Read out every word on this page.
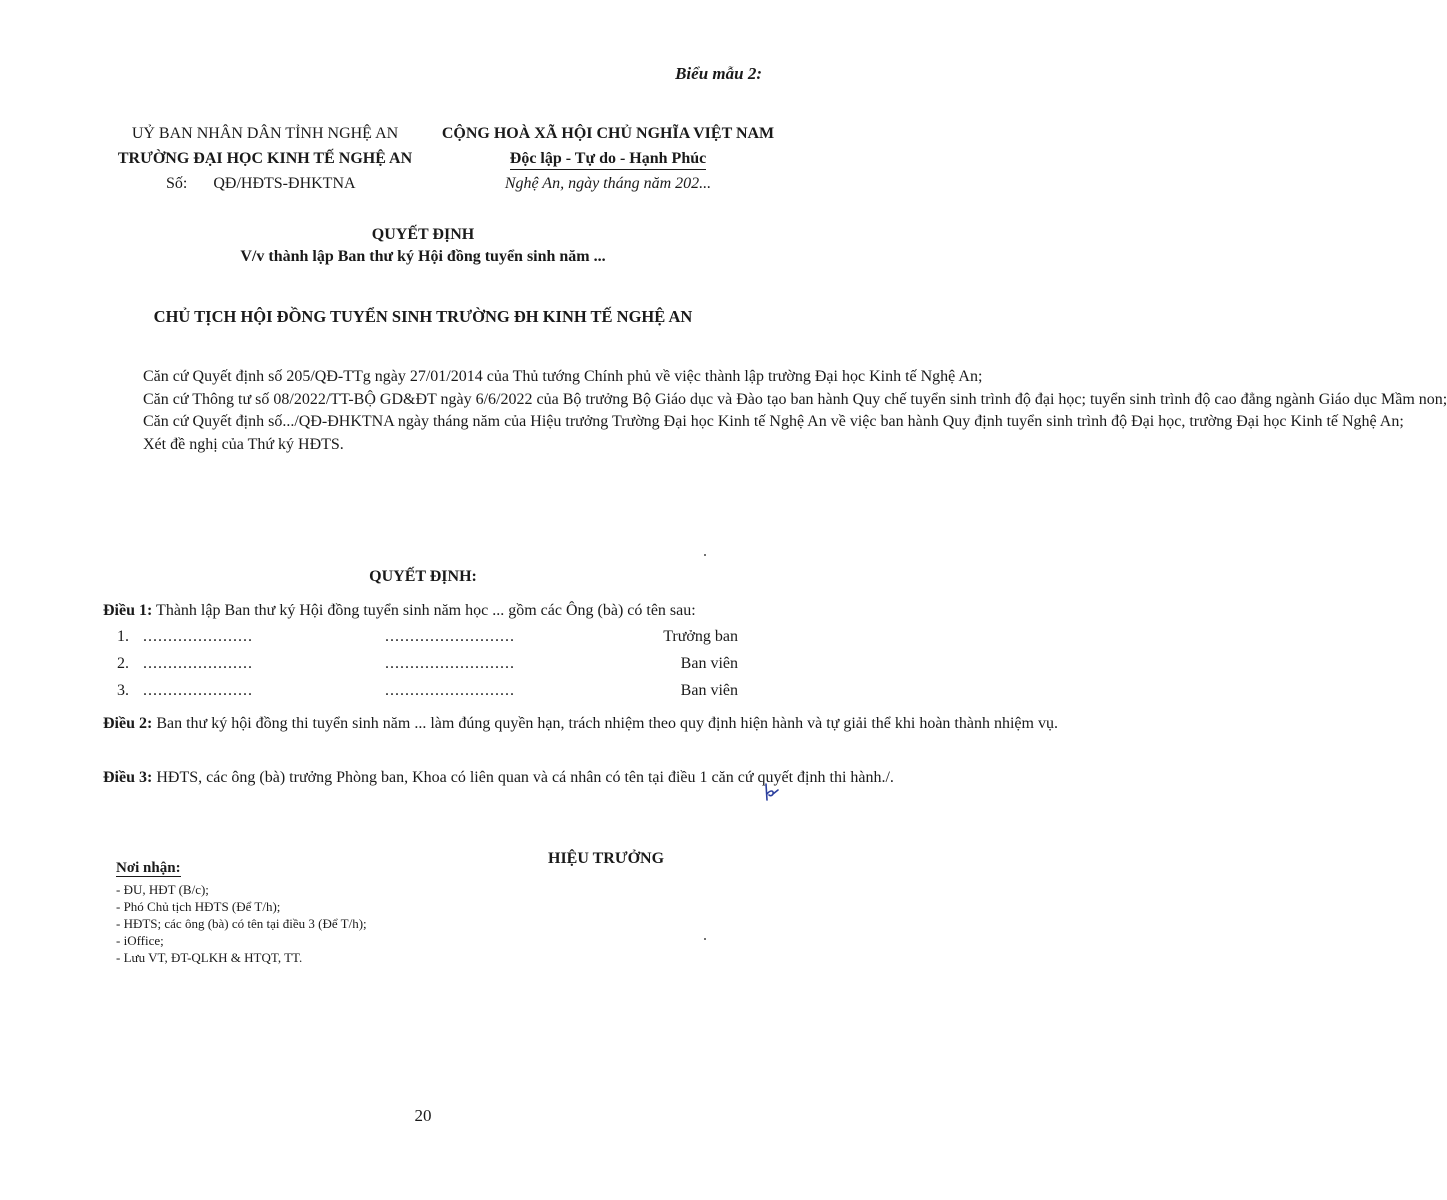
Biểu mẫu 2:
UỶ BAN NHÂN DÂN TỈNH NGHỆ AN
TRƯỜNG ĐẠI HỌC KINH TẾ NGHỆ AN
Số: QĐ/HĐTS-ĐHKTNA
CỘNG HOÀ XÃ HỘI CHỦ NGHĨA VIỆT NAM
Độc lập - Tự do - Hạnh Phúc
Nghệ An, ngày tháng năm 202...
QUYẾT ĐỊNH
V/v thành lập Ban thư ký Hội đồng tuyển sinh năm ...
CHỦ TỊCH HỘI ĐỒNG TUYỂN SINH TRƯỜNG ĐH KINH TẾ NGHỆ AN

Căn cứ Quyết định số 205/QĐ-TTg ngày 27/01/2014 của Thủ tướng Chính phủ về việc thành lập trường Đại học Kinh tế Nghệ An;

Căn cứ Thông tư số 08/2022/TT-BỘ GD&ĐT ngày 6/6/2022 của Bộ trưởng Bộ Giáo dục và Đào tạo ban hành Quy chế tuyển sinh trình độ đại học; tuyển sinh trình độ cao đẳng ngành Giáo dục Mầm non;

Căn cứ Quyết định số.../QĐ-ĐHKTNA ngày tháng năm của Hiệu trưởng Trường Đại học Kinh tế Nghệ An về việc ban hành Quy định tuyển sinh trình độ Đại học, trường Đại học Kinh tế Nghệ An;

Xét đề nghị của Thứ ký HĐTS.

QUYẾT ĐỊNH:
Điều 1: Thành lập Ban thư ký Hội đồng tuyển sinh năm học ... gồm các Ông (bà) có tên sau:
1. ......................	..........................	Trưởng ban
2. ......................	..........................	Ban viên
3. ......................	..........................	Ban viên
Điều 2: Ban thư ký hội đồng thi tuyển sinh năm ... làm đúng quyền hạn, trách nhiệm theo quy định hiện hành và tự giải thể khi hoàn thành nhiệm vụ.
Điều 3: HĐTS, các ông (bà) trưởng Phòng ban, Khoa có liên quan và cá nhân có tên tại điều 1 căn cứ quyết định thi hành./.
Nơi nhận:
- ĐU, HĐT (B/c);
- Phó Chủ tịch HĐTS (Để T/h);
- HĐTS; các ông (bà) có tên tại điều 3 (Để T/h);
- iOffice;
- Lưu VT, ĐT-QLKH & HTQT, TT.
HIỆU TRƯỞNG
20
